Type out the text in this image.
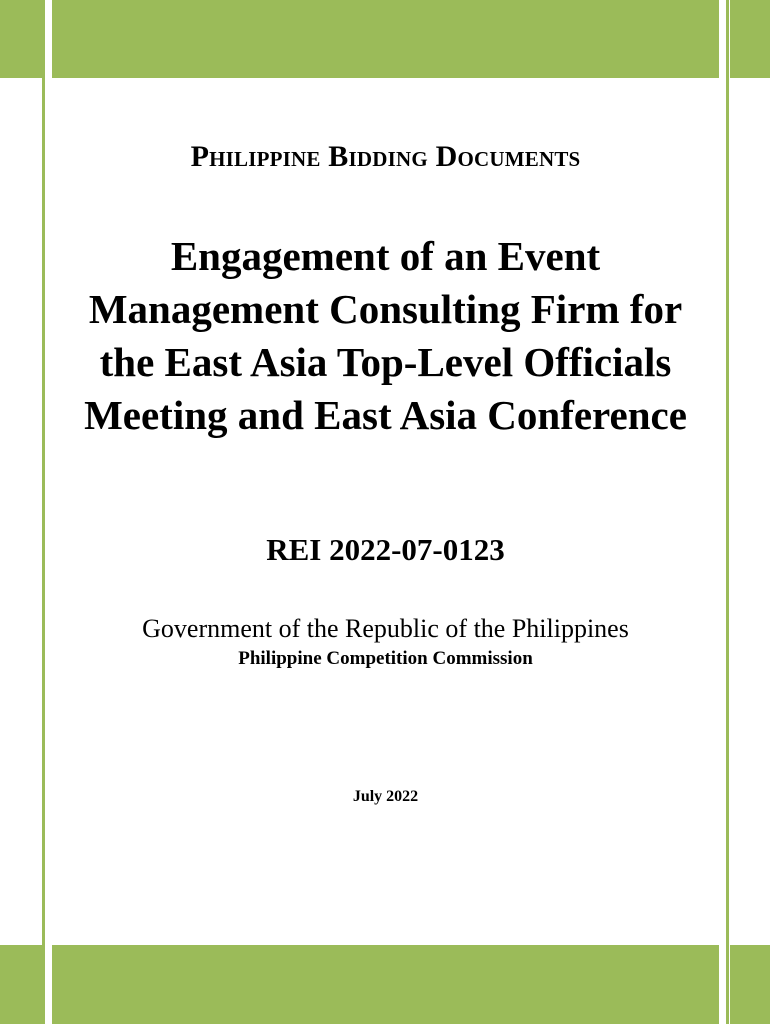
Philippine Bidding Documents
Engagement of an Event Management Consulting Firm for the East Asia Top-Level Officials Meeting and East Asia Conference
REI 2022-07-0123
Government of the Republic of the Philippines
Philippine Competition Commission
July 2022
